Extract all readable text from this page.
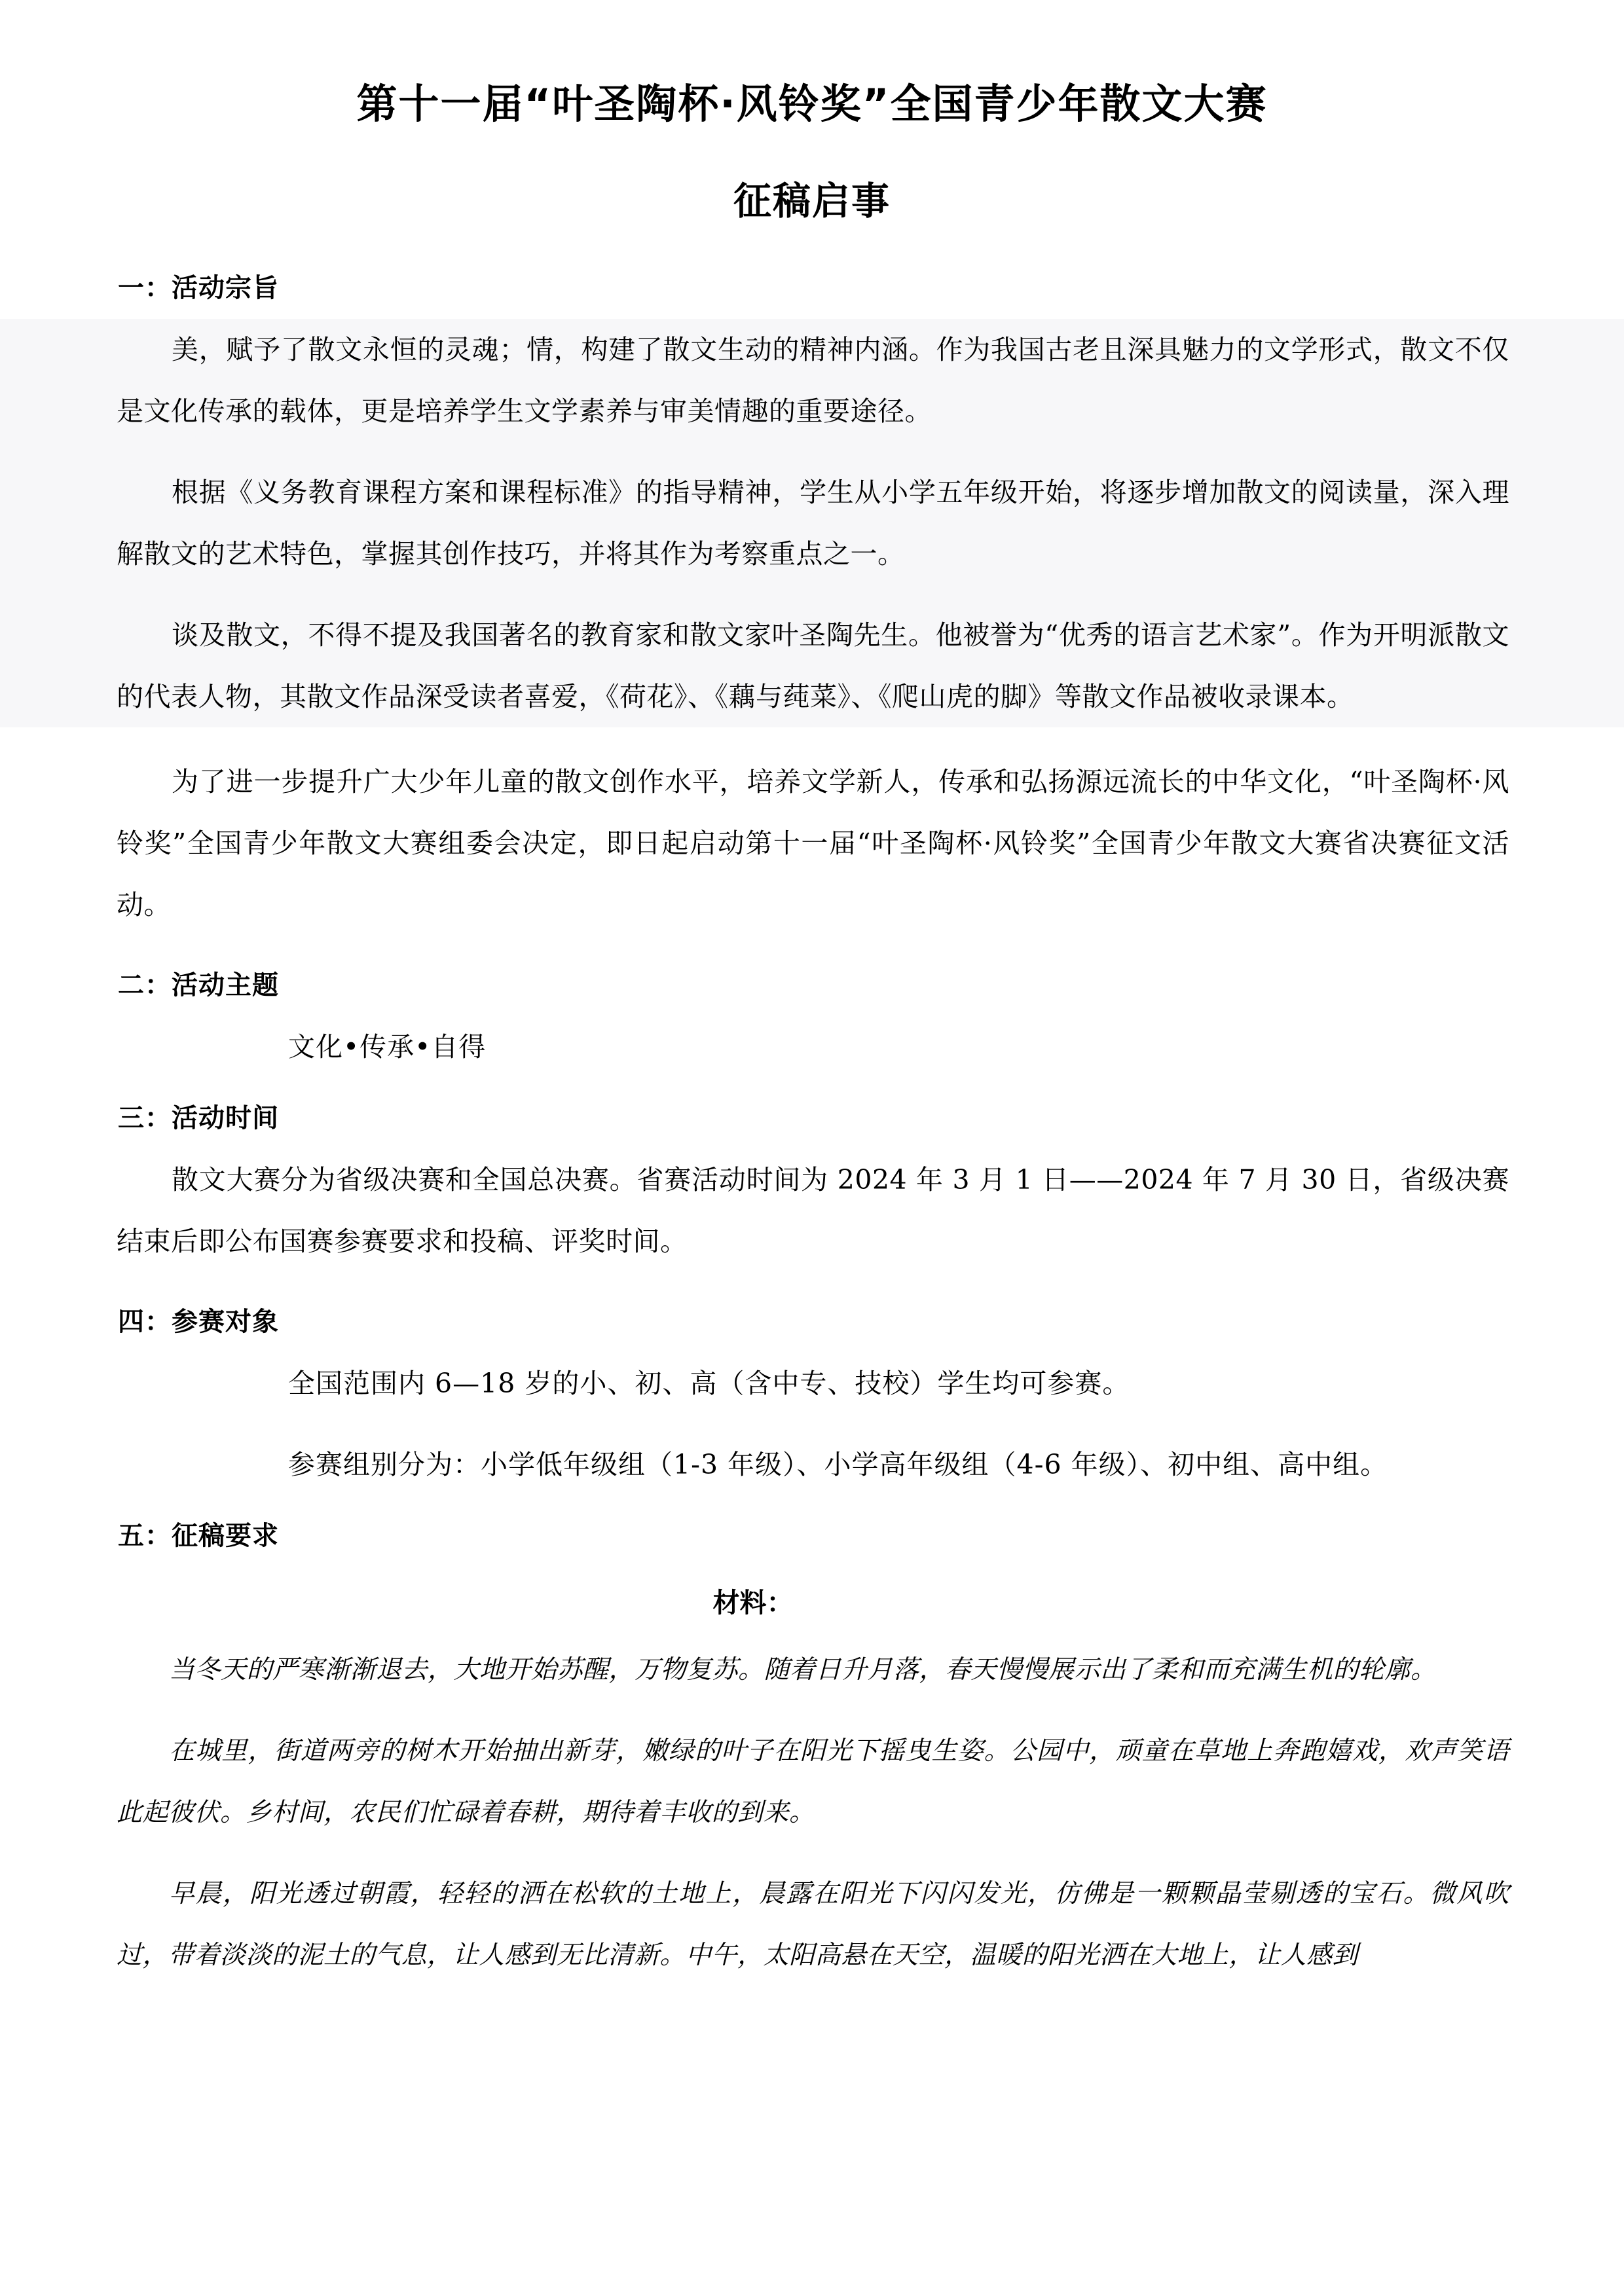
第十一届“叶圣陶杯·风铃奖”全国青少年散文大赛
征稿启事
一：活动宗旨

美，赋予了散文永恒的灵魂；情，构建了散文生动的精神内涵。作为我国古老且深具魅力的文学形式，散文不仅是文化传承的载体，更是培养学生文学素养与审美情趣的重要途径。

根据《义务教育课程方案和课程标准》的指导精神，学生从小学五年级开始，将逐步增加散文的阅读量，深入理解散文的艺术特色，掌握其创作技巧，并将其作为考察重点之一。

谈及散文，不得不提及我国著名的教育家和散文家叶圣陶先生。他被誉为“优秀的语言艺术家”。作为开明派散文的代表人物，其散文作品深受读者喜爱，《荷花》、《藕与莼菜》、《爬山虎的脚》等散文作品被收录课本。

为了进一步提升广大少年儿童的散文创作水平，培养文学新人，传承和弘扬源远流长的中华文化，“叶圣陶杯·风铃奖”全国青少年散文大赛组委会决定，即日起启动第十一届“叶圣陶杯·风铃奖”全国青少年散文大赛省决赛征文活动。

二：活动主题

文化•传承•自得

三：活动时间

散文大赛分为省级决赛和全国总决赛。省赛活动时间为 2024 年 3 月 1 日——2024 年 7 月 30 日，省级决赛结束后即公布国赛参赛要求和投稿、评奖时间。

四：参赛对象

全国范围内 6—18 岁的小、初、高（含中专、技校）学生均可参赛。

参赛组别分为：小学低年级组（1-3 年级）、小学高年级组（4-6 年级）、初中组、高中组。

五：征稿要求

材料：

当冬天的严寒渐渐退去，大地开始苏醒，万物复苏。随着日升月落，春天慢慢展示出了柔和而充满生机的轮廓。

在城里，街道两旁的树木开始抽出新芽，嫩绿的叶子在阳光下摇曳生姿。公园中，顽童在草地上奔跑嬉戏，欢声笑语此起彼伏。乡村间，农民们忙碌着春耕，期待着丰收的到来。

早晨，阳光透过朝霞，轻轻的洒在松软的土地上，晨露在阳光下闪闪发光，仿佛是一颗颗晶莹剔透的宝石。微风吹过，带着淡淡的泥土的气息，让人感到无比清新。中午，太阳高悬在天空，温暖的阳光洒在大地上，让人感到
